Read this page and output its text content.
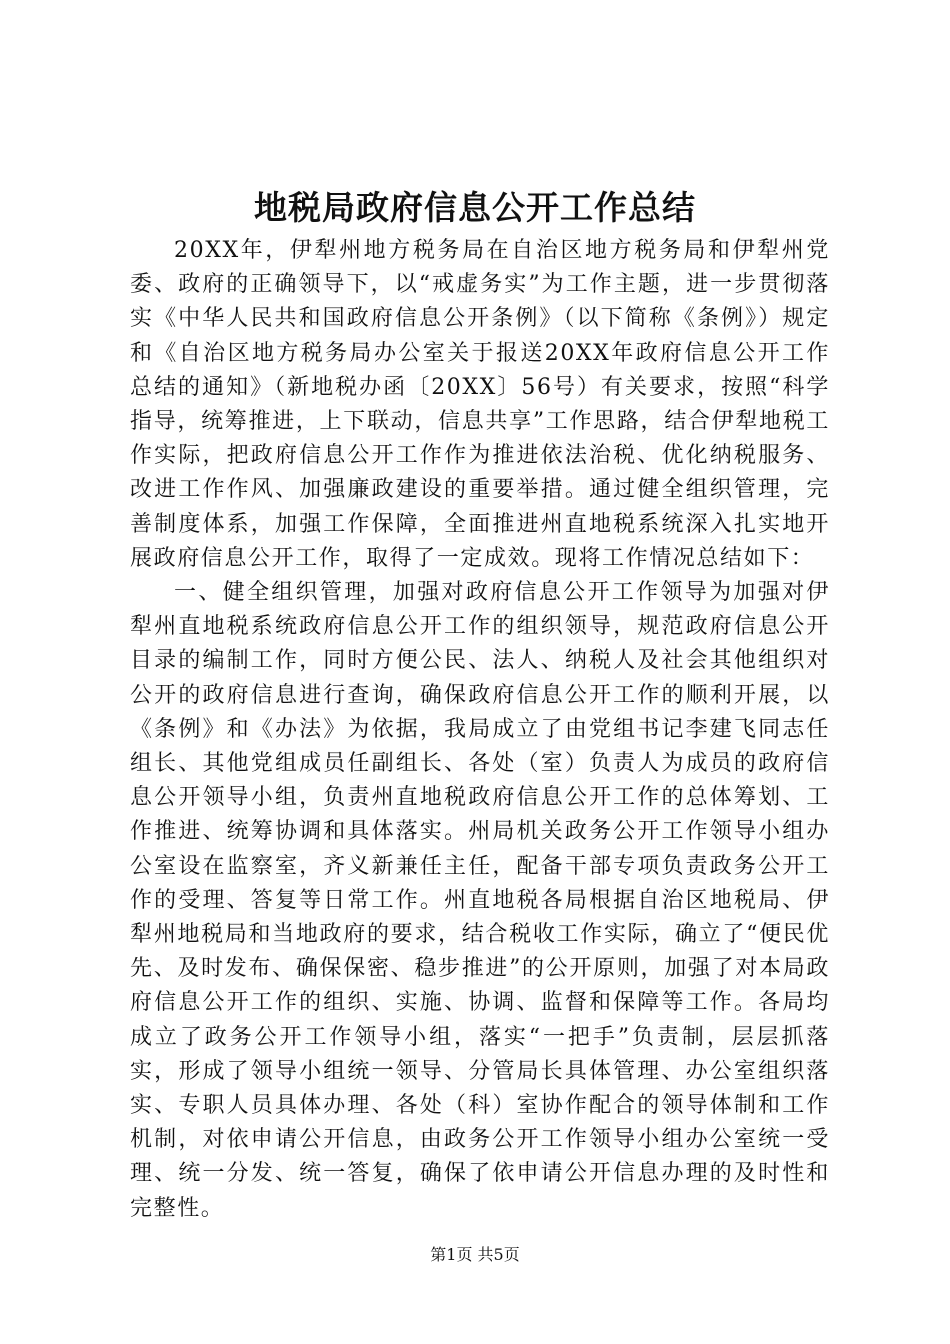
地税局政府信息公开工作总结

20XX年，伊犁州地方税务局在自治区地方税务局和伊犁州党委、政府的正确领导下，以“戒虚务实”为工作主题，进一步贯彻落实《中华人民共和国政府信息公开条例》（以下简称《条例》）规定和《自治区地方税务局办公室关于报送20XX年政府信息公开工作总结的通知》（新地税办函〔20XX〕56号）有关要求，按照“科学指导，统筹推进，上下联动，信息共享”工作思路，结合伊犁地税工作实际，把政府信息公开工作作为推进依法治税、优化纳税服务、改进工作作风、加强廉政建设的重要举措。通过健全组织管理，完善制度体系，加强工作保障，全面推进州直地税系统深入扎实地开展政府信息公开工作，取得了一定成效。现将工作情况总结如下：

一、健全组织管理，加强对政府信息公开工作领导为加强对伊犁州直地税系统政府信息公开工作的组织领导，规范政府信息公开目录的编制工作，同时方便公民、法人、纳税人及社会其他组织对公开的政府信息进行查询，确保政府信息公开工作的顺利开展，以《条例》和《办法》为依据，我局成立了由党组书记李建飞同志任组长、其他党组成员任副组长、各处（室）负责人为成员的政府信息公开领导小组，负责州直地税政府信息公开工作的总体筹划、工作推进、统筹协调和具体落实。州局机关政务公开工作领导小组办公室设在监察室，齐义新兼任主任，配备干部专项负责政务公开工作的受理、答复等日常工作。州直地税各局根据自治区地税局、伊犁州地税局和当地政府的要求，结合税收工作实际，确立了“便民优先、及时发布、确保保密、稳步推进”的公开原则，加强了对本局政府信息公开工作的组织、实施、协调、监督和保障等工作。各局均成立了政务公开工作领导小组，落实“一把手”负责制，层层抓落实，形成了领导小组统一领导、分管局长具体管理、办公室组织落实、专职人员具体办理、各处（科）室协作配合的领导体制和工作机制，对依申请公开信息，由政务公开工作领导小组办公室统一受理、统一分发、统一答复，确保了依申请公开信息办理的及时性和完整性。

第1页 共5页
